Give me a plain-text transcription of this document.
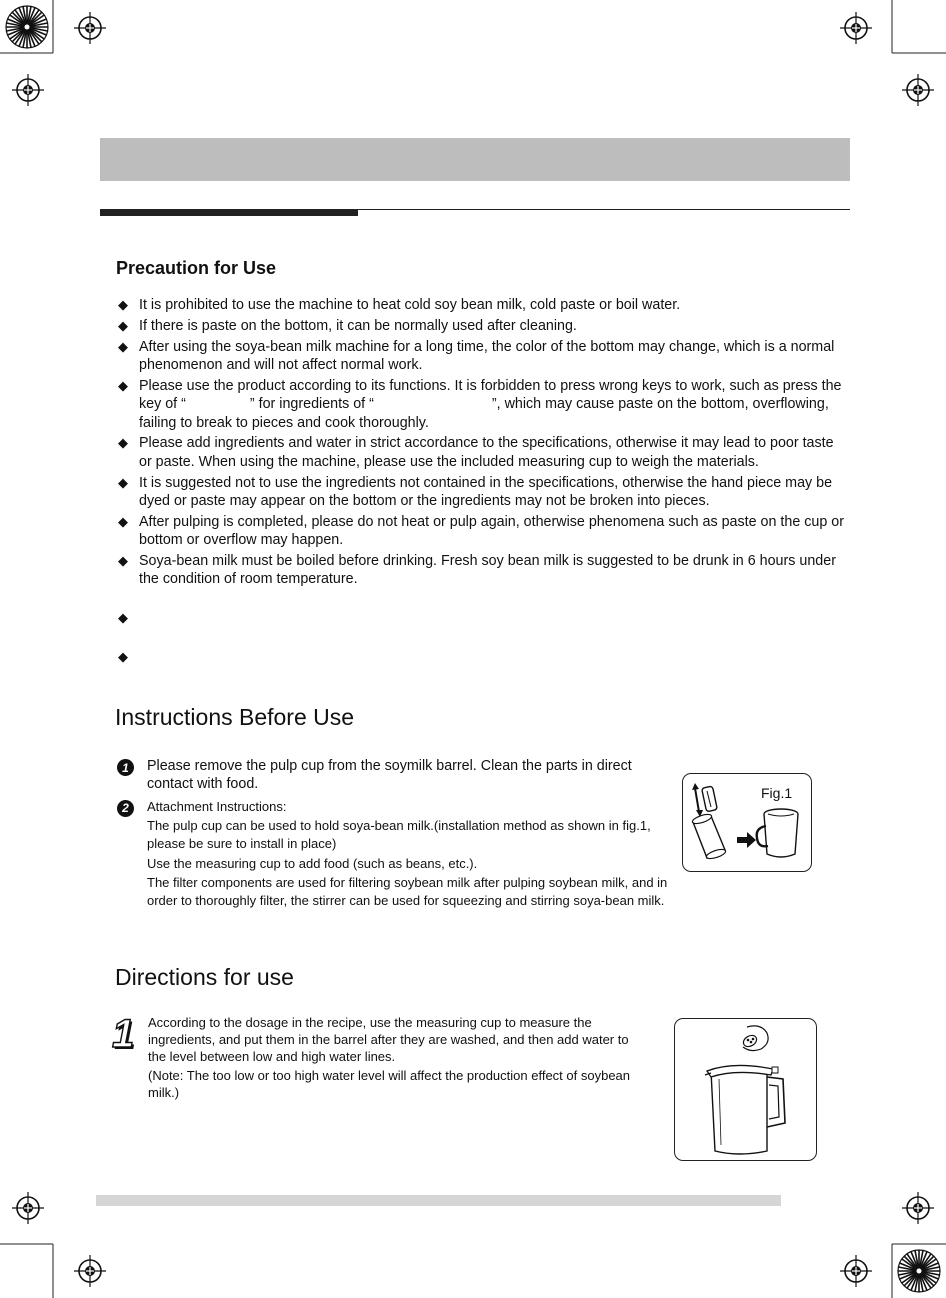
Precaution for Use
◆ It is prohibited to use the machine to heat cold soy bean milk, cold paste or boil water.
◆ If there is paste on the bottom, it can be normally used after cleaning.
◆ After using the soya-bean milk machine for a long time, the color of the bottom may change, which is a normal phenomenon and will not affect normal work.
◆ Please use the product according to its functions. It is forbidden to press wrong keys to work, such as press the key of “	” for ingredients of “	”, which may cause paste on the bottom, overflowing, failing to break to pieces and cook thoroughly.
◆ Please add ingredients and water in strict accordance to the specifications, otherwise it may lead to poor taste or paste. When using the machine, please use the included measuring cup to weigh the materials.
◆ It is suggested not to use the ingredients not contained in the specifications, otherwise the hand piece may be dyed or paste may appear on the bottom or the ingredients may not be broken into pieces.
◆ After pulping is completed, please do not heat or pulp again, otherwise phenomena such as paste on the cup or bottom or overflow may happen.
◆ Soya-bean milk must be boiled before drinking. Fresh soy bean milk is suggested to be drunk in 6 hours under the condition of room temperature.
◆
◆
Instructions Before Use
1	Please remove the pulp cup from the soymilk barrel. Clean the parts in direct contact with food.
2	Attachment Instructions:
The pulp cup can be used to hold soya-bean milk.(installation method as shown in fig.1, please be sure to install in place)
Use the measuring cup to add food (such as beans, etc.).
The filter components are used for filtering soybean milk after pulping soybean milk, and in order to thoroughly filter, the stirrer can be used for squeezing and stirring soya-bean milk.
Fig.1
Directions for use
1	According to the dosage in the recipe, use the measuring cup to measure the ingredients, and put them in the barrel after they are washed, and then add water to the level between low and high water lines.
(Note: The too low or too high water level will affect the production effect of soybean milk.)
